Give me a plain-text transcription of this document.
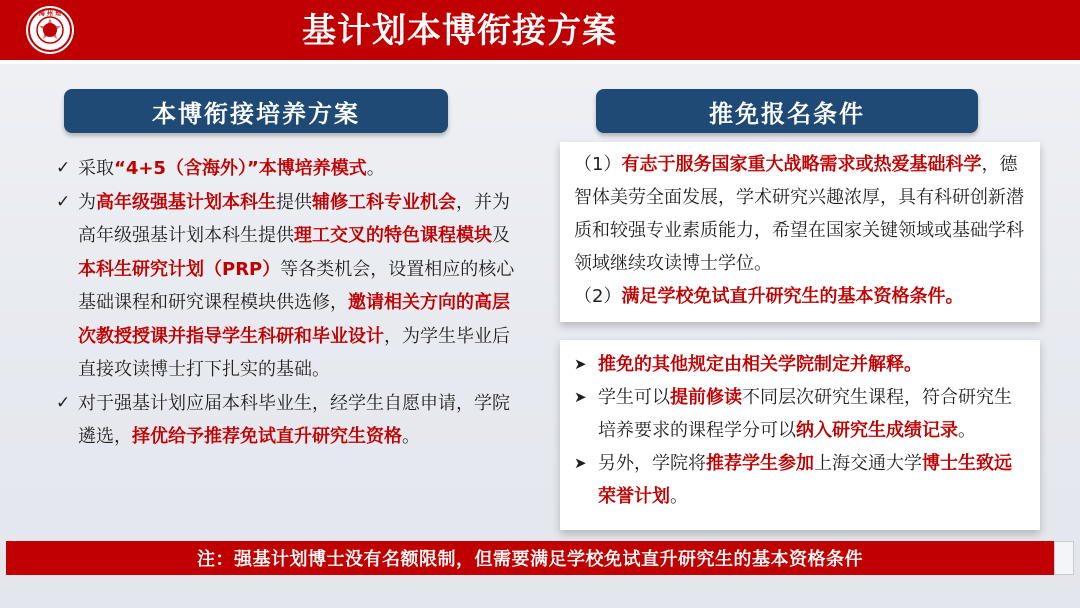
海 州 理	基计划本博衔接方案
本博衔接培养方案	推免报名条件
✓ 采取“4+5（含海外）”本博培养模式。
✓ 为高年级强基计划本科生提供辅修工科专业机会，并为高年级强基计划本科生提供理工交叉的特色课程模块及本科生研究计划（PRP）等各类机会，设置相应的核心基础课程和研究课程模块供选修，邀请相关方向的高层次教授授课并指导学生科研和毕业设计，为学生毕业后直接攻读博士打下扎实的基础。
✓ 对于强基计划应届本科毕业生，经学生自愿申请，学院遴选，择优给予推荐免试直升研究生资格。
（1）有志于服务国家重大战略需求或热爱基础科学，德智体美劳全面发展，学术研究兴趣浓厚，具有科研创新潜质和较强专业素质能力，希望在国家关键领域或基础学科领域继续攻读博士学位。
（2）满足学校免试直升研究生的基本资格条件。
➤ 推免的其他规定由相关学院制定并解释。
➤ 学生可以提前修读不同层次研究生课程，符合研究生培养要求的课程学分可以纳入研究生成绩记录。
➤ 另外，学院将推荐学生参加上海交通大学博士生致远荣誉计划。
注：强基计划博士没有名额限制，但需要满足学校免试直升研究生的基本资格条件
